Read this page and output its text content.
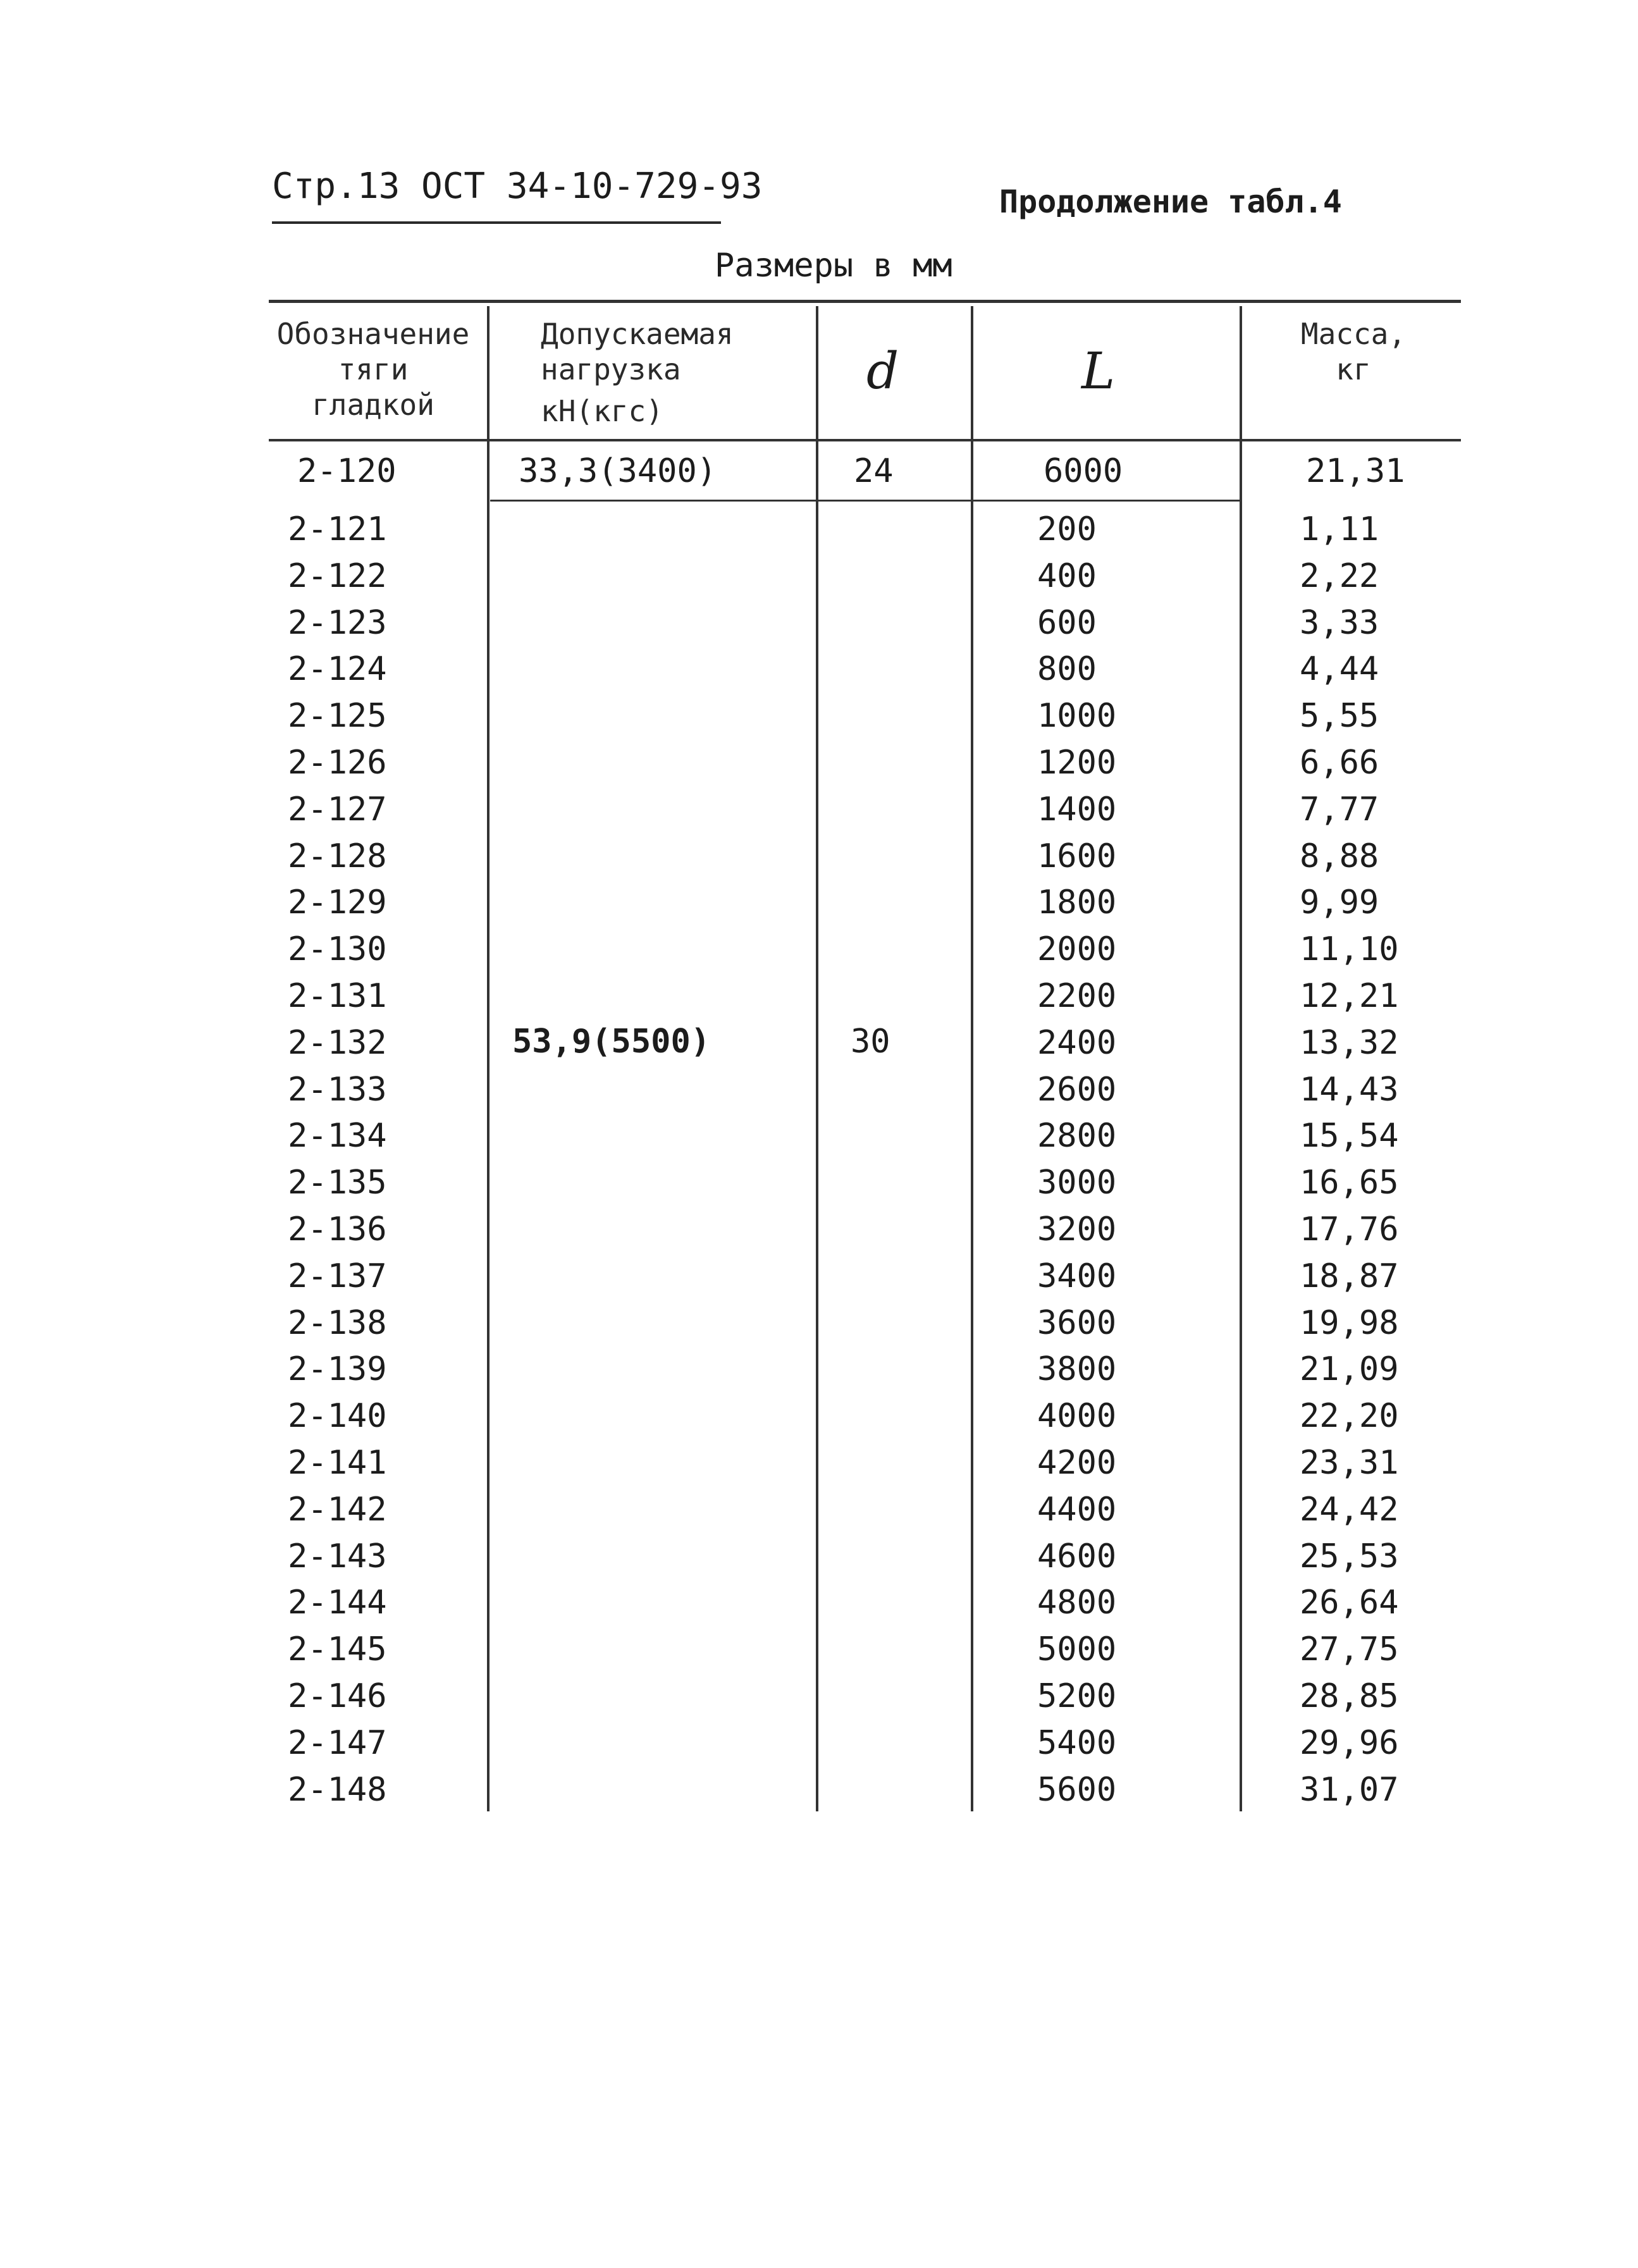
Стр.13 ОСТ 34-10-729-93	Продолжение табл.4
Размеры в мм
Обозначение
тяги
гладкой
Допускаемая
нагрузка
кН(кгс)
d	L
Масса,
кг
2-120	33,3(3400)	24	6000	21,31
53,9(5500)	30
2-121	200	1,11
2-122	400	2,22
2-123	600	3,33
2-124	800	4,44
2-125	1000	5,55
2-126	1200	6,66
2-127	1400	7,77
2-128	1600	8,88
2-129	1800	9,99
2-130	2000	11,10
2-131	2200	12,21
2-132	2400	13,32
2-133	2600	14,43
2-134	2800	15,54
2-135	3000	16,65
2-136	3200	17,76
2-137	3400	18,87
2-138	3600	19,98
2-139	3800	21,09
2-140	4000	22,20
2-141	4200	23,31
2-142	4400	24,42
2-143	4600	25,53
2-144	4800	26,64
2-145	5000	27,75
2-146	5200	28,85
2-147	5400	29,96
2-148	5600	31,07
